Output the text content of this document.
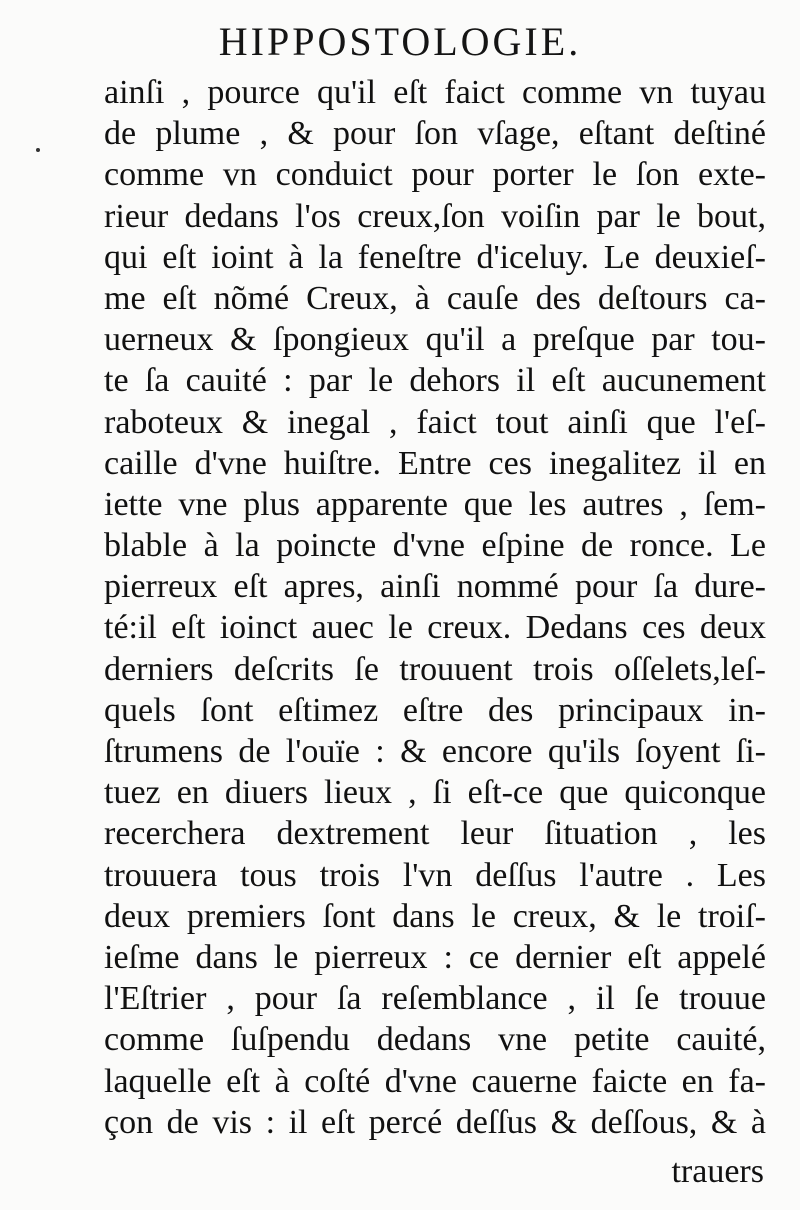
HIPPOSTOLOGIE.
ainſi , pource qu'il eſt faict comme vn tuyau
de plume , & pour ſon vſage, eſtant deſtiné
comme vn conduict pour porter le ſon exte-
rieur dedans l'os creux,ſon voiſin par le bout,
qui eſt ioint à la feneſtre d'iceluy. Le deuxieſ-
me eſt nõmé Creux, à cauſe des deſtours ca-
uerneux & ſpongieux qu'il a preſque par tou-
te ſa cauité : par le dehors il eſt aucunement
raboteux & inegal , faict tout ainſi que l'eſ-
caille d'vne huiſtre. Entre ces inegalitez il en
iette vne plus apparente que les autres , ſem-
blable à la poincte d'vne eſpine de ronce. Le
pierreux eſt apres, ainſi nommé pour ſa dure-
té:il eſt ioinct auec le creux. Dedans ces deux
derniers deſcrits ſe trouuent trois oſſelets,leſ-
quels ſont eſtimez eſtre des principaux in-
ſtrumens de l'ouïe : & encore qu'ils ſoyent ſi-
tuez en diuers lieux , ſi eſt-ce que quiconque
recerchera dextrement leur ſituation , les
trouuera tous trois l'vn deſſus l'autre . Les
deux premiers ſont dans le creux, & le troiſ-
ieſme dans le pierreux : ce dernier eſt appelé
l'Eſtrier , pour ſa reſemblance , il ſe trouue
comme ſuſpendu dedans vne petite cauité,
laquelle eſt à coſté d'vne cauerne faicte en fa-
çon de vis : il eſt percé deſſus & deſſous, & à
trauers
